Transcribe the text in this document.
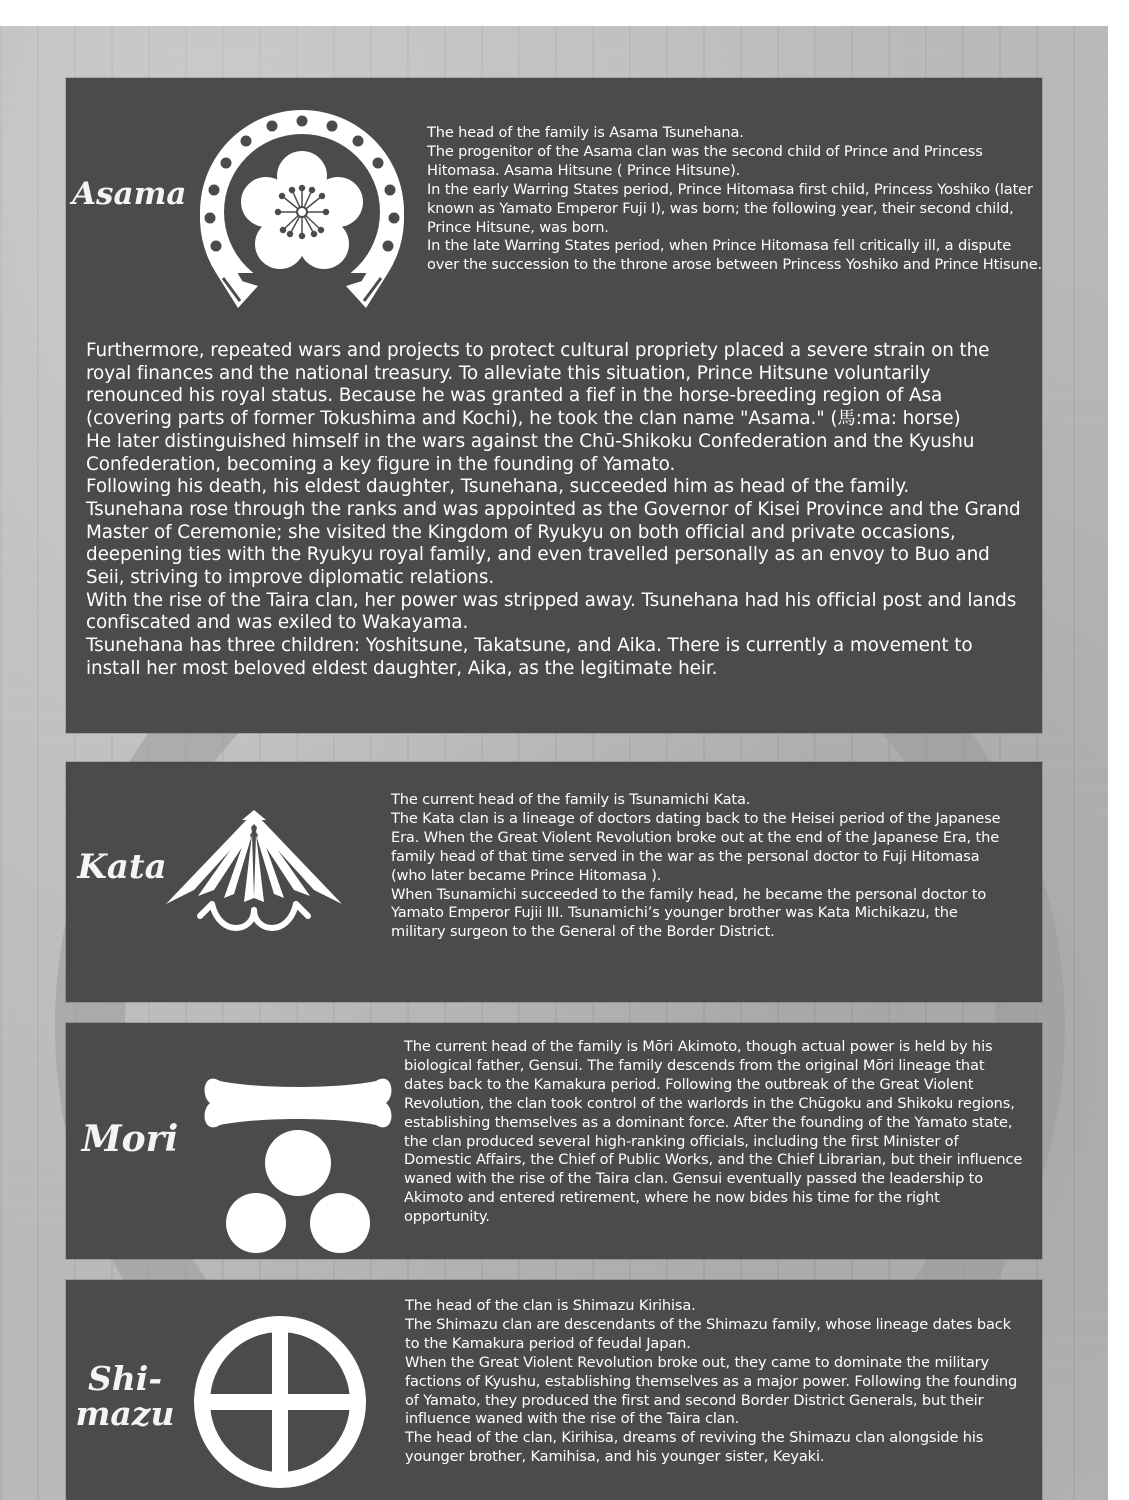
Asama
The head of the family is Asama Tsunehana.
The progenitor of the Asama clan was the second child of Prince and Princess Hitomasa. Asama Hitsune ( Prince Hitsune).
In the early Warring States period, Prince Hitomasa first child, Princess Yoshiko (later known as Yamato Emperor Fuji I), was born; the following year, their second child, Prince Hitsune, was born.
In the late Warring States period, when Prince Hitomasa fell critically ill, a dispute over the succession to the throne arose between Princess Yoshiko and Prince Htisune.
Furthermore, repeated wars and projects to protect cultural propriety placed a severe strain on the royal finances and the national treasury. To alleviate this situation, Prince Hitsune voluntarily renounced his royal status. Because he was granted a fief in the horse-breeding region of Asa (covering parts of former Tokushima and Kochi), he took the clan name "Asama." (馬:ma: horse)
He later distinguished himself in the wars against the Chū-Shikoku Confederation and the Kyushu Confederation, becoming a key figure in the founding of Yamato.
Following his death, his eldest daughter, Tsunehana, succeeded him as head of the family.
Tsunehana rose through the ranks and was appointed as the Governor of Kisei Province and the Grand Master of Ceremonie; she visited the Kingdom of Ryukyu on both official and private occasions, deepening ties with the Ryukyu royal family, and even travelled personally as an envoy to Buo and Seii, striving to improve diplomatic relations.
With the rise of the Taira clan, her power was stripped away. Tsunehana had his official post and lands confiscated and was exiled to Wakayama.
Tsunehana has three children: Yoshitsune, Takatsune, and Aika. There is currently a movement to install her most beloved eldest daughter, Aika, as the legitimate heir.
Kata
The current head of the family is Tsunamichi Kata.
The Kata clan is a lineage of doctors dating back to the Heisei period of the Japanese Era. When the Great Violent Revolution broke out at the end of the Japanese Era, the family head of that time served in the war as the personal doctor to Fuji Hitomasa (who later became Prince Hitomasa ).
When Tsunamichi succeeded to the family head, he became the personal doctor to Yamato Emperor Fujii III. Tsunamichi’s younger brother was Kata Michikazu, the military surgeon to the General of the Border District.
Mori
The current head of the family is Mōri Akimoto, though actual power is held by his biological father, Gensui. The family descends from the original Mōri lineage that dates back to the Kamakura period. Following the outbreak of the Great Violent Revolution, the clan took control of the warlords in the Chūgoku and Shikoku regions, establishing themselves as a dominant force. After the founding of the Yamato state, the clan produced several high-ranking officials, including the first Minister of Domestic Affairs, the Chief of Public Works, and the Chief Librarian, but their influence waned with the rise of the Taira clan. Gensui eventually passed the leadership to Akimoto and entered retirement, where he now bides his time for the right opportunity.
Shi- mazu
The head of the clan is Shimazu Kirihisa.
The Shimazu clan are descendants of the Shimazu family, whose lineage dates back to the Kamakura period of feudal Japan.
When the Great Violent Revolution broke out, they came to dominate the military factions of Kyushu, establishing themselves as a major power. Following the founding of Yamato, they produced the first and second Border District Generals, but their influence waned with the rise of the Taira clan.
The head of the clan, Kirihisa, dreams of reviving the Shimazu clan alongside his younger brother, Kamihisa, and his younger sister, Keyaki.
